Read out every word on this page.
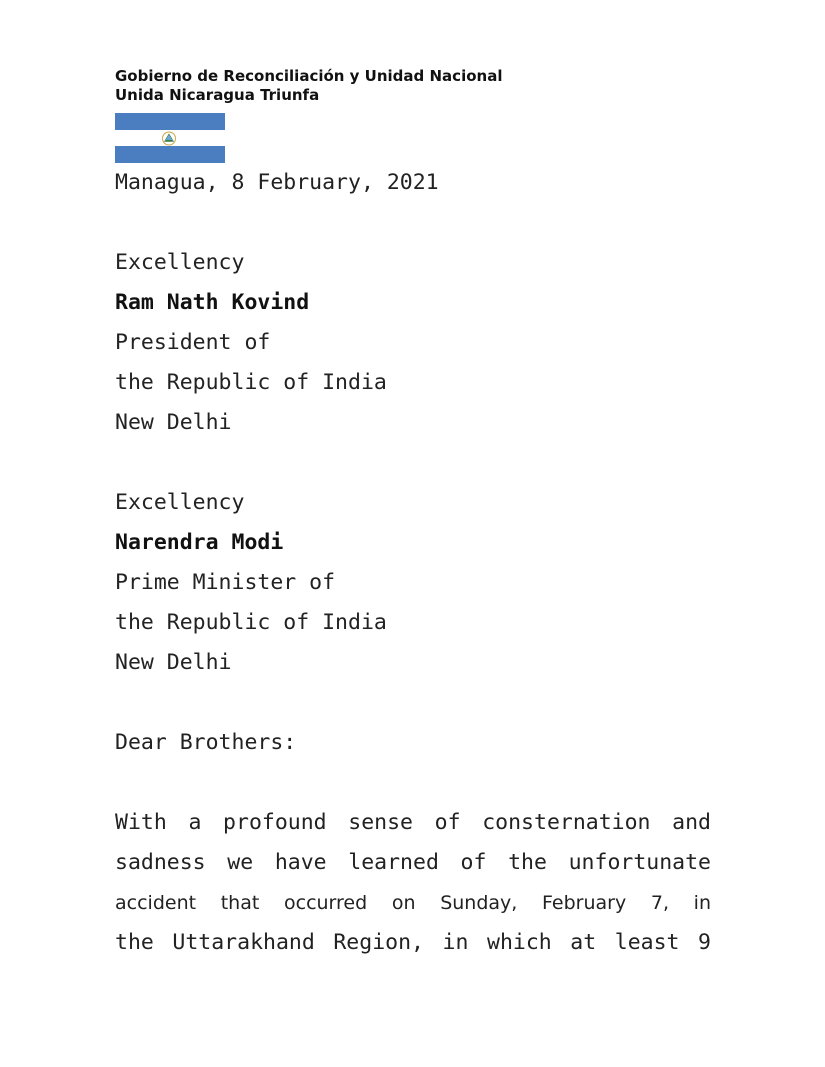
Gobierno de Reconciliación y Unidad Nacional
Unida Nicaragua Triunfa
Managua, 8 February, 2021
Excellency
Ram Nath Kovind
President of
the Republic of India
New Delhi
Excellency
Narendra Modi
Prime Minister of
the Republic of India
New Delhi
Dear Brothers:
With a profound sense of consternation and
sadness we have learned of the unfortunate
accident that occurred on Sunday, February 7, in
the Uttarakhand Region, in which at least 9
